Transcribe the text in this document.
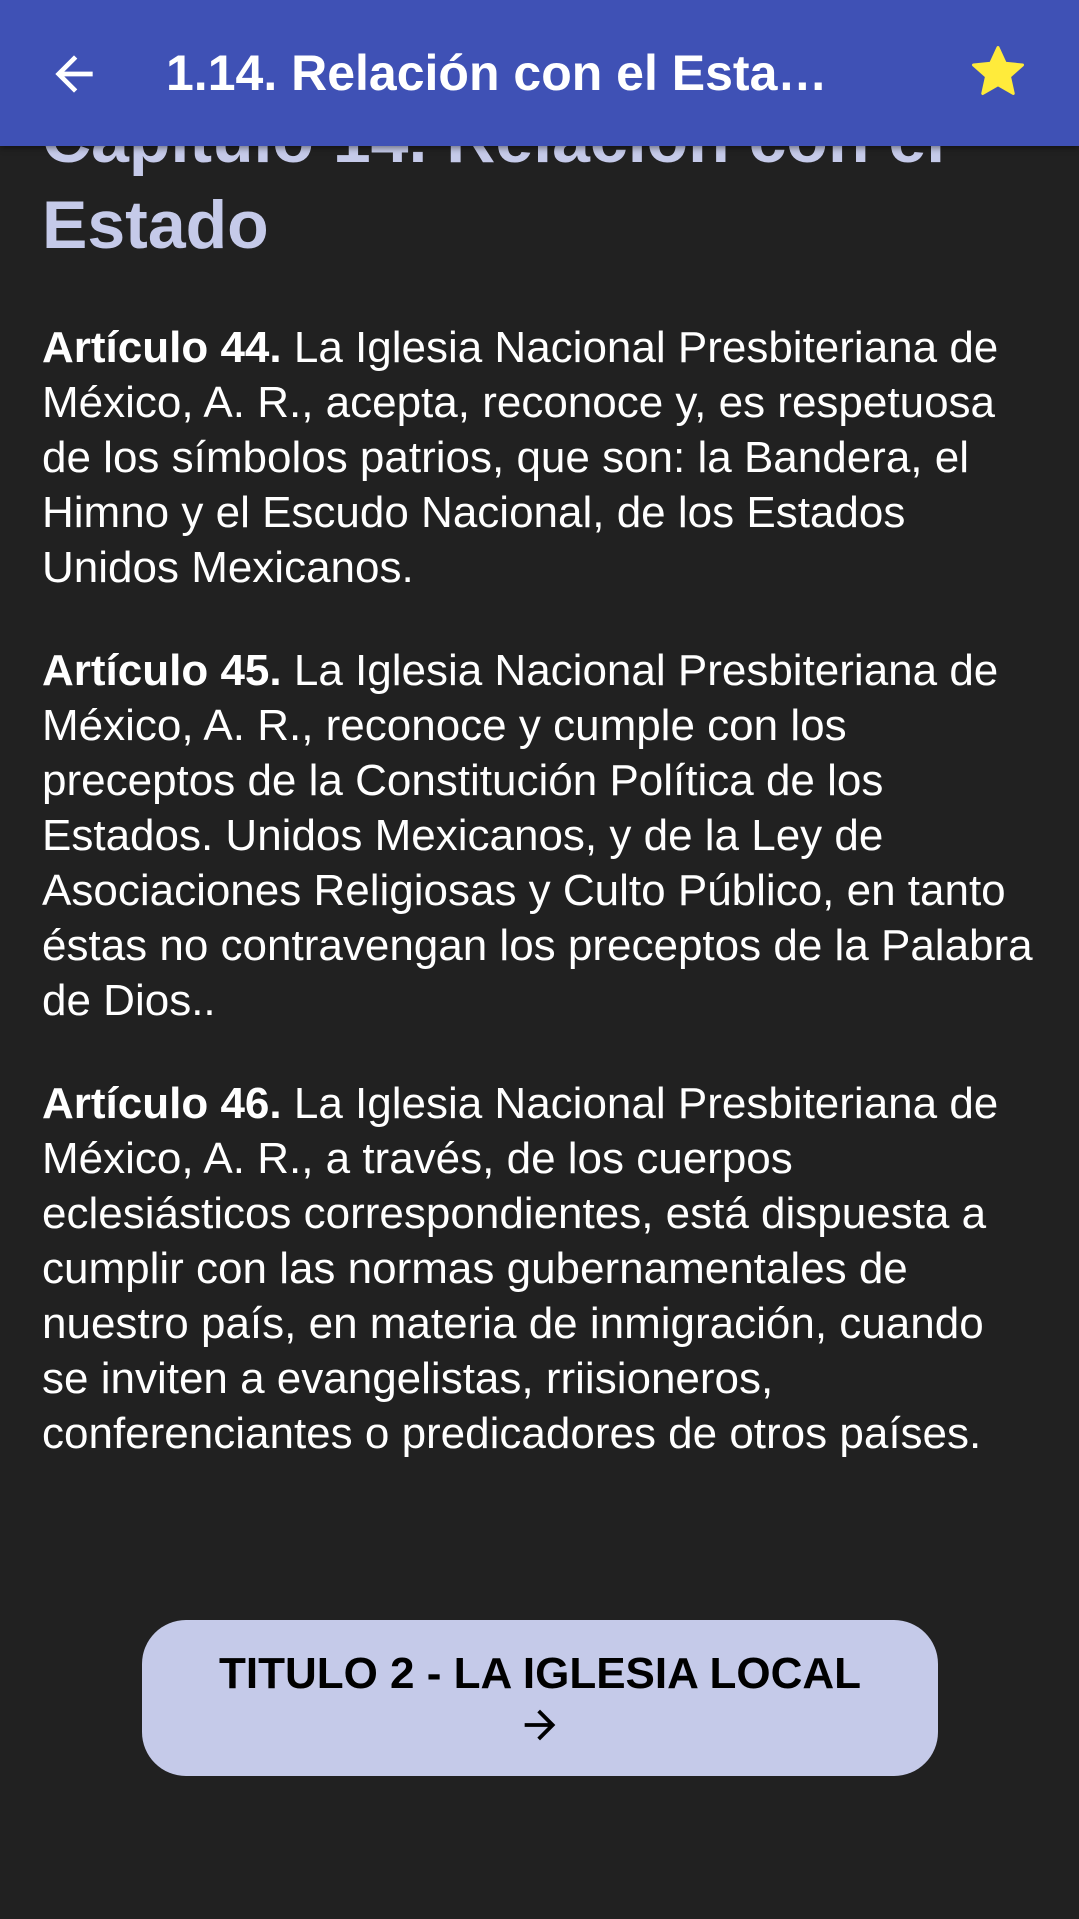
Estado

Artículo 44. La Iglesia Nacional Presbiteriana de México, A. R., acepta, reconoce y, es respetuosa de los símbolos patrios, que son: la Bandera, el Himno y el Escudo Nacional, de los Estados Unidos Mexicanos.

Artículo 45. La Iglesia Nacional Presbiteriana de México, A. R., reconoce y cumple con los preceptos de la Constitución Política de los Estados. Unidos Mexicanos, y de la Ley de Asociaciones Religiosas y Culto Público, en tanto éstas no contravengan los preceptos de la Palabra de Dios..

Artículo 46. La Iglesia Nacional Presbiteriana de México, A. R., a través, de los cuerpos eclesiásticos correspondientes, está dispuesta a cumplir con las normas gubernamentales de nuestro país, en materia de inmigración, cuando se inviten a evangelistas, rriisioneros, conferenciantes o predicadores de otros países.

TITULO 2 - LA IGLESIA LOCAL
1.14. Relación con el Esta…
